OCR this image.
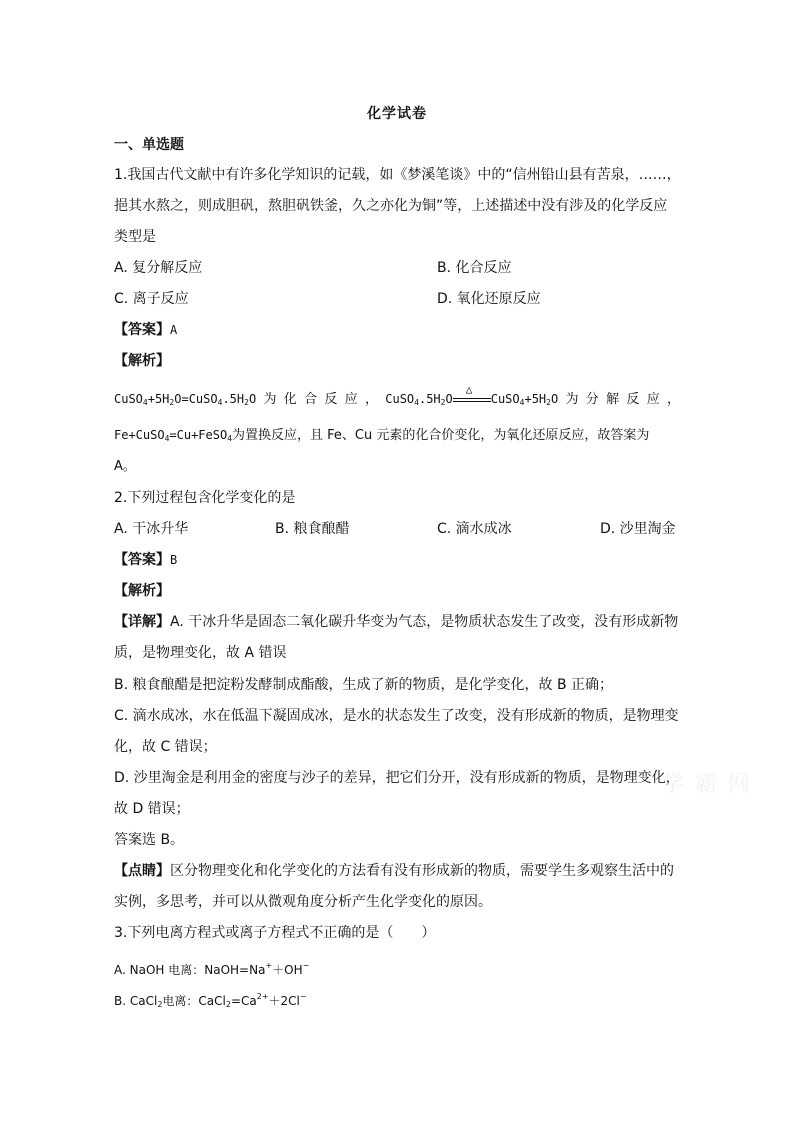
化学试卷
一、单选题
1.我国古代文献中有许多化学知识的记载，如《梦溪笔谈》中的“信州铅山县有苦泉，……，
挹其水熬之，则成胆矾，熬胆矾铁釜，久之亦化为铜”等，上述描述中没有涉及的化学反应
类型是
A. 复分解反应	B. 化合反应
C. 离子反应	D. 氧化还原反应
【答案】A
【解析】
$CuSO_4+5H_2O=CuSO_4.5H_2O$ 为 化 合 反 应 ， $CuSO_4.5H_2O$
△
$CuSO_4+5H_2O$ 为 分 解 反 应 ，
Fe+CuSO$_4$=Cu+FeSO$_4$为置换反应，且 Fe、Cu 元素的化合价变化，为氧化还原反应，故答案为
A。
2.下列过程包含化学变化的是
A. 干冰升华	B. 粮食酿醋	C. 滴水成冰	D. 沙里淘金
【答案】B
【解析】
【详解】A. 干冰升华是固态二氧化碳升华变为气态，是物质状态发生了改变，没有形成新物
质，是物理变化，故 A 错误
B. 粮食酿醋是把淀粉发酵制成酯酸，生成了新的物质，是化学变化，故 B 正确；
C. 滴水成冰，水在低温下凝固成冰，是水的状态发生了改变，没有形成新的物质，是物理变
化，故 C 错误；
D. 沙里淘金是利用金的密度与沙子的差异，把它们分开，没有形成新的物质，是物理变化，
故 D 错误；
答案选 B。
【点睛】区分物理变化和化学变化的方法看有没有形成新的物质，需要学生多观察生活中的
实例，多思考，并可以从微观角度分析产生化学变化的原因。
3.下列电离方程式或离子方程式不正确的是（　　）
A. NaOH 电离：NaOH=Na+＋OH−
B. CaCl$_2$电离：$CaCl_2=Ca^{2+}+2Cl^-$
学 霸 网
